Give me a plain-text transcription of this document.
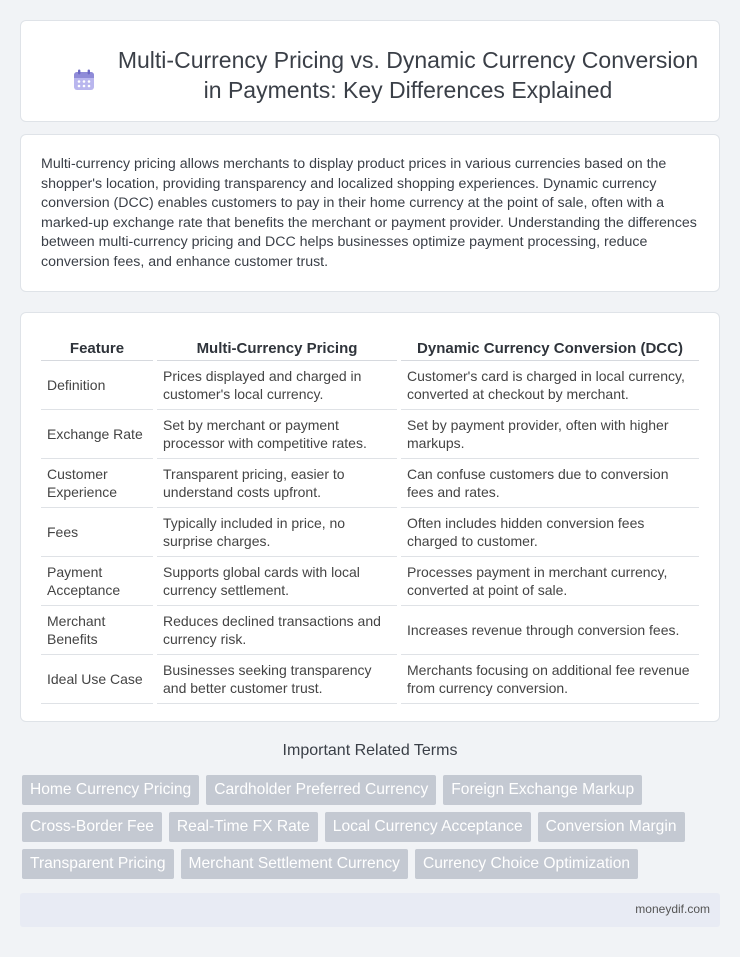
Multi-Currency Pricing vs. Dynamic Currency Conversion
in Payments: Key Differences Explained

Multi-currency pricing allows merchants to display product prices in various currencies based on the shopper's location, providing transparency and localized shopping experiences. Dynamic currency conversion (DCC) enables customers to pay in their home currency at the point of sale, often with a marked-up exchange rate that benefits the merchant or payment provider. Understanding the differences between multi-currency pricing and DCC helps businesses optimize payment processing, reduce conversion fees, and enhance customer trust.

Feature	Multi-Currency Pricing	Dynamic Currency Conversion (DCC)
Definition	Prices displayed and charged in customer's local currency.	Customer's card is charged in local currency, converted at checkout by merchant.
Exchange Rate	Set by merchant or payment processor with competitive rates.	Set by payment provider, often with higher markups.
Customer Experience	Transparent pricing, easier to understand costs upfront.	Can confuse customers due to conversion fees and rates.
Fees	Typically included in price, no surprise charges.	Often includes hidden conversion fees charged to customer.
Payment Acceptance	Supports global cards with local currency settlement.	Processes payment in merchant currency, converted at point of sale.
Merchant Benefits	Reduces declined transactions and currency risk.	Increases revenue through conversion fees.
Ideal Use Case	Businesses seeking transparency and better customer trust.	Merchants focusing on additional fee revenue from currency conversion.
Important Related Terms
Home Currency Pricing	Cardholder Preferred Currency	Foreign Exchange Markup
Cross-Border Fee	Real-Time FX Rate	Local Currency Acceptance	Conversion Margin
Transparent Pricing	Merchant Settlement Currency	Currency Choice Optimization
moneydif.com
